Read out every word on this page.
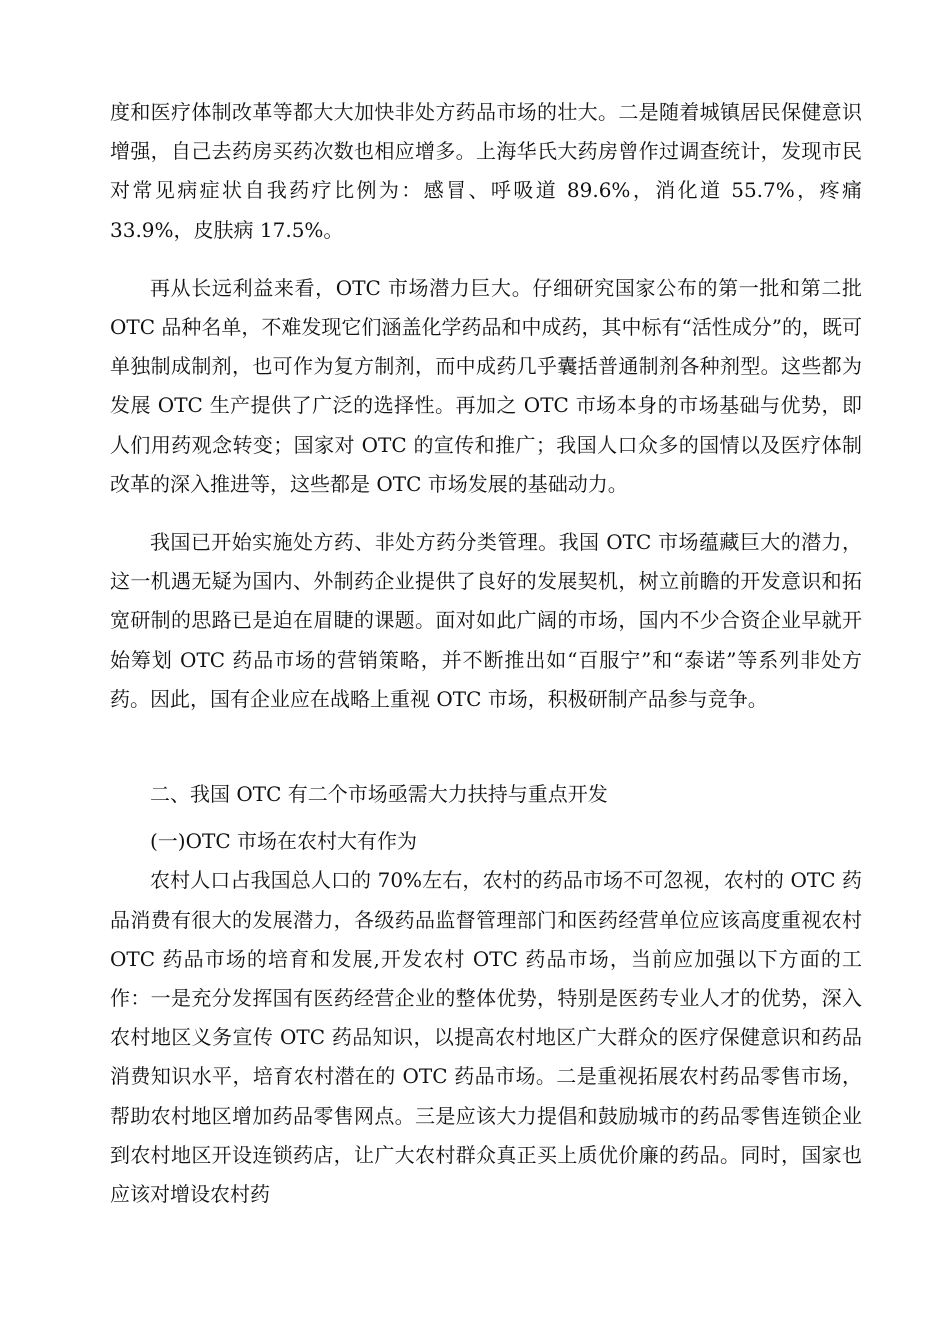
度和医疗体制改革等都大大加快非处方药品市场的壮大。二是随着城镇居民保健意识增强，自己去药房买药次数也相应增多。上海华氏大药房曾作过调查统计，发现市民对常见病症状自我药疗比例为：感冒、呼吸道 89.6%，消化道 55.7%，疼痛 33.9%，皮肤病 17.5%。

再从长远利益来看，OTC 市场潜力巨大。仔细研究国家公布的第一批和第二批 OTC 品种名单，不难发现它们涵盖化学药品和中成药，其中标有“活性成分”的，既可单独制成制剂，也可作为复方制剂，而中成药几乎囊括普通制剂各种剂型。这些都为发展 OTC 生产提供了广泛的选择性。再加之 OTC 市场本身的市场基础与优势，即人们用药观念转变；国家对 OTC 的宣传和推广；我国人口众多的国情以及医疗体制改革的深入推进等，这些都是 OTC 市场发展的基础动力。

我国已开始实施处方药、非处方药分类管理。我国 OTC 市场蕴藏巨大的潜力，这一机遇无疑为国内、外制药企业提供了良好的发展契机，树立前瞻的开发意识和拓宽研制的思路已是迫在眉睫的课题。面对如此广阔的市场，国内不少合资企业早就开始筹划 OTC 药品市场的营销策略，并不断推出如“百服宁”和“泰诺”等系列非处方药。因此，国有企业应在战略上重视 OTC 市场，积极研制产品参与竞争。

二、我国 OTC 有二个市场亟需大力扶持与重点开发

(一)OTC 市场在农村大有作为

农村人口占我国总人口的 70%左右，农村的药品市场不可忽视，农村的 OTC 药品消费有很大的发展潜力，各级药品监督管理部门和医药经营单位应该高度重视农村 OTC 药品市场的培育和发展,开发农村 OTC 药品市场，当前应加强以下方面的工作：一是充分发挥国有医药经营企业的整体优势，特别是医药专业人才的优势，深入农村地区义务宣传 OTC 药品知识，以提高农村地区广大群众的医疗保健意识和药品消费知识水平，培育农村潜在的 OTC 药品市场。二是重视拓展农村药品零售市场，帮助农村地区增加药品零售网点。三是应该大力提倡和鼓励城市的药品零售连锁企业到农村地区开设连锁药店，让广大农村群众真正买上质优价廉的药品。同时，国家也应该对增设农村药
